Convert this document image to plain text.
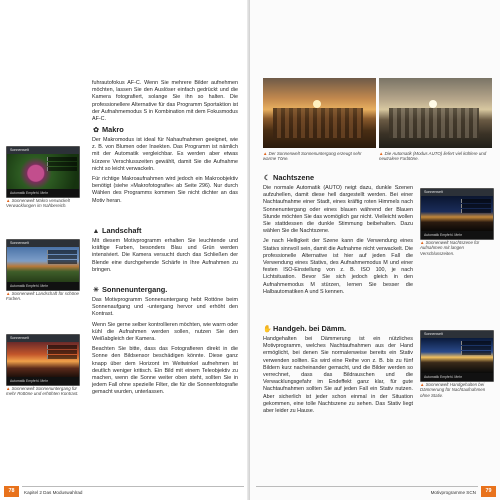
Sonnenwelt
Automatik Empfehl. Mehr
▲ Sonnenwelt Makro verwackelt Verwacklungen im Nahbereich.
Sonnenwelt
Automatik Empfehl. Mehr
▲ Sonnenwelt Landschaft für schöne Farben.
Sonnenwelt
Automatik Empfehl. Mehr
▲ Sonnenwelt Sonnenuntergang für mehr Rottöne und erhöhten Kontrast.

fuhrautofokus AF-C. Wenn Sie mehrere Bilder aufnehmen möchten, lassen Sie den Auslöser einfach gedrückt und die Kamera fotografiert, solange Sie ihn so halten. Die professionellere Alternative für das Programm Sportaktion ist der Aufnahmemodus S in Kombination mit dem Fokusmodus AF-C.

✿ Makro

Der Makromodus ist ideal für Nahaufnahmen geeignet, wie z. B. von Blumen oder Insekten. Das Programm ist nämlich mit der Automatik vergleichbar. Es werden aber etwas kürzere Verschlusszeiten gewählt, damit Sie die Aufnahme nicht so leicht verwackeln.

Für richtige Makroaufnahmen wird jedoch ein Makroobjektiv benötigt (siehe »Makrofotografie« ab Seite 296). Nur durch Wählen des Programms kommen Sie nicht dichter an das Motiv heran.

▲ Landschaft

Mit diesem Motivprogramm erhalten Sie leuchtende und kräftige Farben, besonders Blau und Grün werden intensiviert. Die Kamera versucht durch das Schließen der Blende eine durchgehende Schärfe in Ihre Aufnahmen zu bringen.

☀ Sonnenuntergang.

Das Motivprogramm Sonnenuntergang hebt Rottöne beim Sonnenaufgang und -untergang hervor und erhöht den Kontrast.

Wenn Sie gerne selber kontrollieren möchten, wie warm oder kühl die Aufnahmen werden sollen, nutzen Sie den Weißabgleich der Kamera.

Beachten Sie bitte, dass das Fotografieren direkt in die Sonne den Bildsensor beschädigen könnte. Diese ganz knapp über dem Horizont im Weitwinkel aufnehmen ist deutlich weniger kritisch. Ein Bild mit einem Teleobjektiv zu machen, wenn die Sonne weiter oben steht, sollten Sie in jedem Fall ohne spezielle Filter, die für die Sonnenfotografie gemacht wurden, unterlassen.

78	Kapitel 2 Das Moduswahlrad
▲ Der Sonnenwelt Sonnenuntergang erzeugt sehr warme Töne.
▲ Die Automatik (Modus AUTO) liefert viel kühlere und neutralere Farbtöne.
☾ Nachtszene

Die normale Automatik (AUTO) neigt dazu, dunkle Szenen aufzuhellen, damit diese hell dargestellt werden. Bei einer Nachtaufnahme einer Stadt, eines kräftig roten Himmels nach Sonnenuntergang oder eines blauen während der Blauen Stunde möchten Sie das womöglich gar nicht. Vielleicht wollen Sie stattdessen die dunkle Stimmung beibehalten. Dazu wählen Sie die Nachtszene.

Je nach Helligkeit der Szene kann die Verwendung eines Stativs sinnvoll sein, damit die Aufnahme nicht verwackelt. Die professionelle Alternative ist hier auf jeden Fall die Verwendung eines Stativs, des Aufnahmemodus M und einer festen ISO-Einstellung von z. B. ISO 100, je nach Lichtsituation. Bevor Sie sich jedoch gleich in den Aufnahmemodus M stürzen, lernen Sie besser die Halbautomatiken A und S kennen.

✋Handgeh. bei Dämm.

Handgehalten bei Dämmerung ist ein nützliches Motivprogramm, welches Nachtaufnahmen aus der Hand ermöglicht, bei denen Sie normalerweise bereits ein Stativ verwenden sollten. Es wird eine Reihe von z. B. bis zu fünf Bildern kurz nacheinander gemacht, und die Bilder werden so verrechnet, dass das Bildrauschen und die Verwacklungsgefahr im Endeffekt ganz klar, für gute Nachtaufnahmen sollten Sie auf jeden Fall ein Stativ nutzen. Aber sicherlich ist jeder schon einmal in der Situation gekommen, eine tolle Nachtszene zu sehen. Das Stativ liegt aber leider zu Hause.

Sonnenwelt
Automatik Empfehl. Mehr
▲ Sonnenwelt Nachtszene für Aufnahmen mit langen Verschlusszeiten.
Sonnenwelt
Automatik Empfehl. Mehr
▲ Sonnenwelt Handgehalten bei Dämmerung für Nachtaufnahmen ohne Stativ.
Motivprogramme SCN	79
